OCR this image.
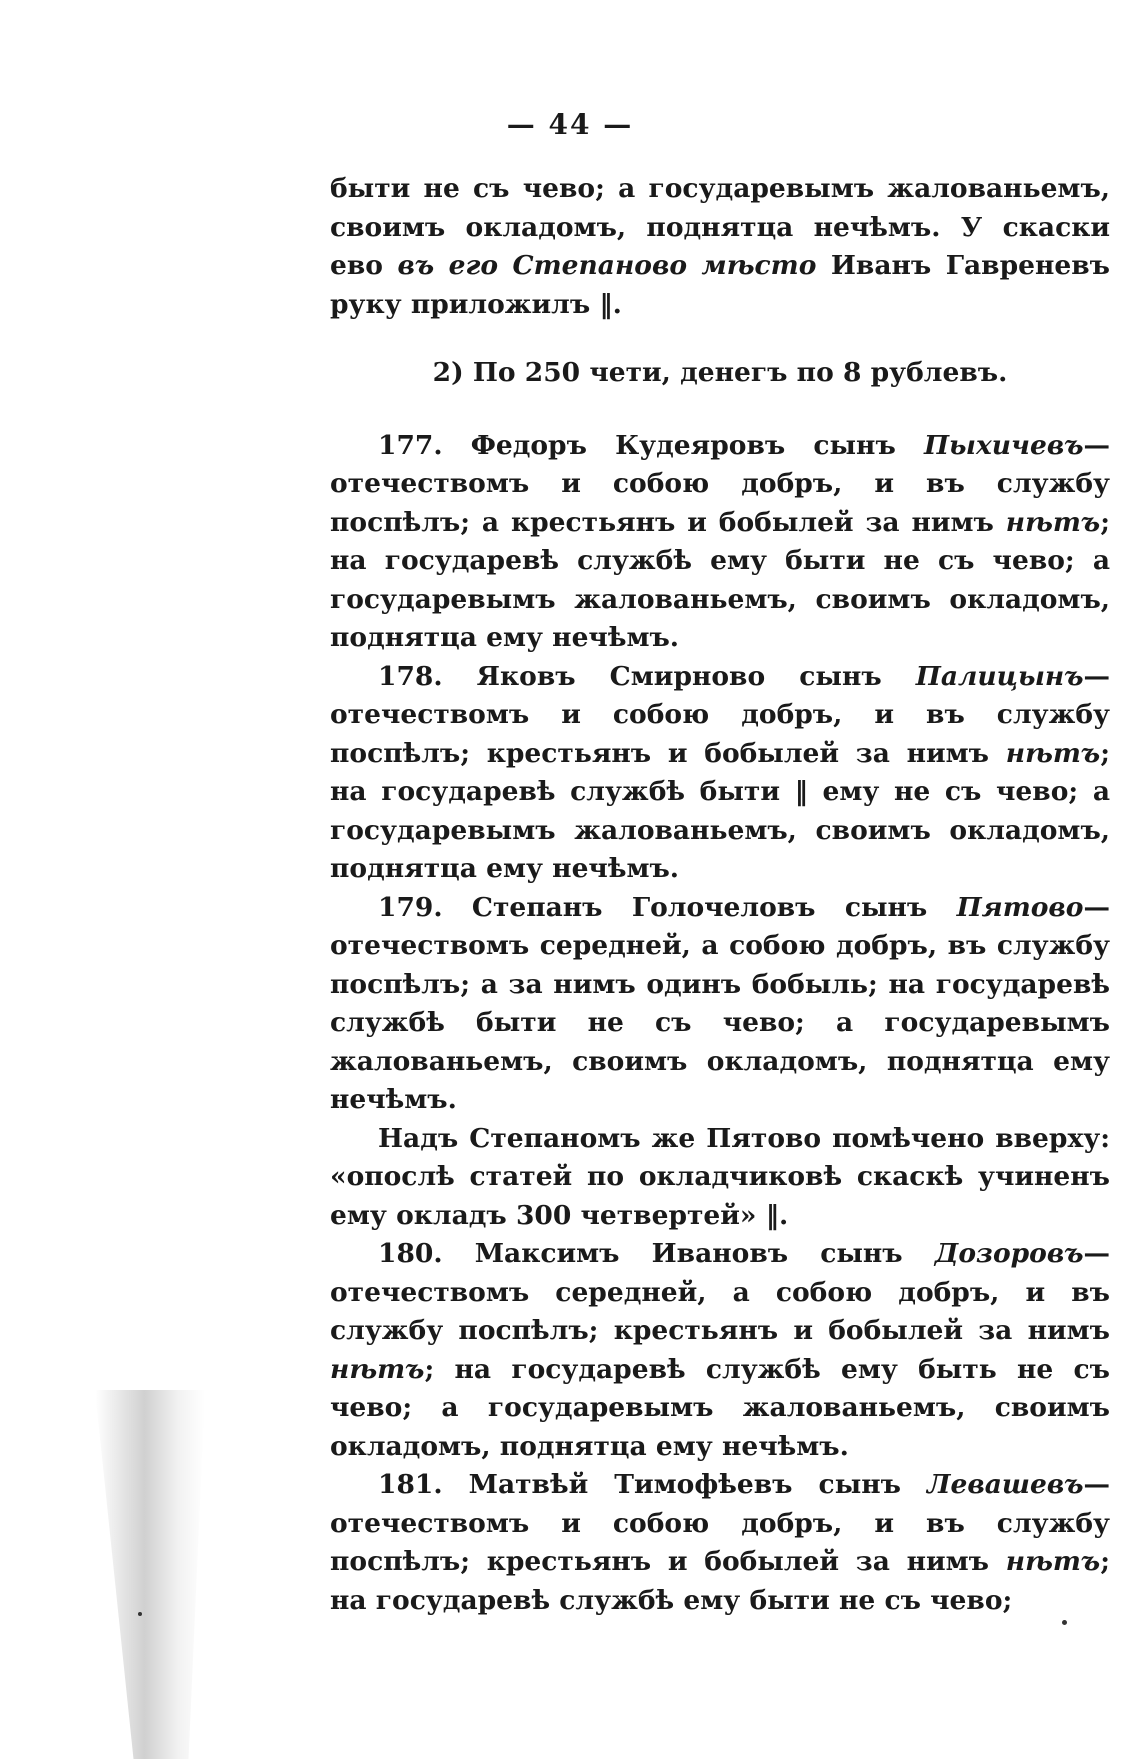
— 44 —

быти не съ чево; а государевымъ жалованьемъ, своимъ окладомъ, поднятца нечѣмъ. У скаски ево въ его Степаново мѣсто Иванъ Гавреневъ руку приложилъ ‖.

2) По 250 чети, денегъ по 8 рублевъ.

177. Федоръ Кудеяровъ сынъ Пыхичевъ—отечествомъ и собою добръ, и въ службу поспѣлъ; а крестьянъ и бобылей за нимъ нѣтъ; на государевѣ службѣ ему быти не съ чево; а государевымъ жалованьемъ, своимъ окладомъ, поднятца ему нечѣмъ.

178. Яковъ Смирново сынъ Палицынъ—отечествомъ и собою добръ, и въ службу поспѣлъ; крестьянъ и бобылей за нимъ нѣтъ; на государевѣ службѣ быти ‖ ему не съ чево; а государевымъ жалованьемъ, своимъ окладомъ, поднятца ему нечѣмъ.

179. Степанъ Голочеловъ сынъ Пятово—отечествомъ середней, а собою добръ, въ службу поспѣлъ; а за нимъ одинъ бобыль; на государевѣ службѣ быти не съ чево; а государевымъ жалованьемъ, своимъ окладомъ, поднятца ему нечѣмъ.

Надъ Степаномъ же Пятово помѣчено вверху: «опослѣ статей по окладчиковѣ скаскѣ учиненъ ему окладъ 300 четвертей» ‖.

180. Максимъ Ивановъ сынъ Дозоровъ—отечествомъ середней, а собою добръ, и въ службу поспѣлъ; крестьянъ и бобылей за нимъ нѣтъ; на государевѣ службѣ ему быть не съ чево; а государевымъ жалованьемъ, своимъ окладомъ, поднятца ему нечѣмъ.

181. Матвѣй Тимофѣевъ сынъ Левашевъ—отечествомъ и собою добръ, и въ службу поспѣлъ; крестьянъ и бобылей за нимъ нѣтъ; на государевѣ службѣ ему быти не съ чево;
